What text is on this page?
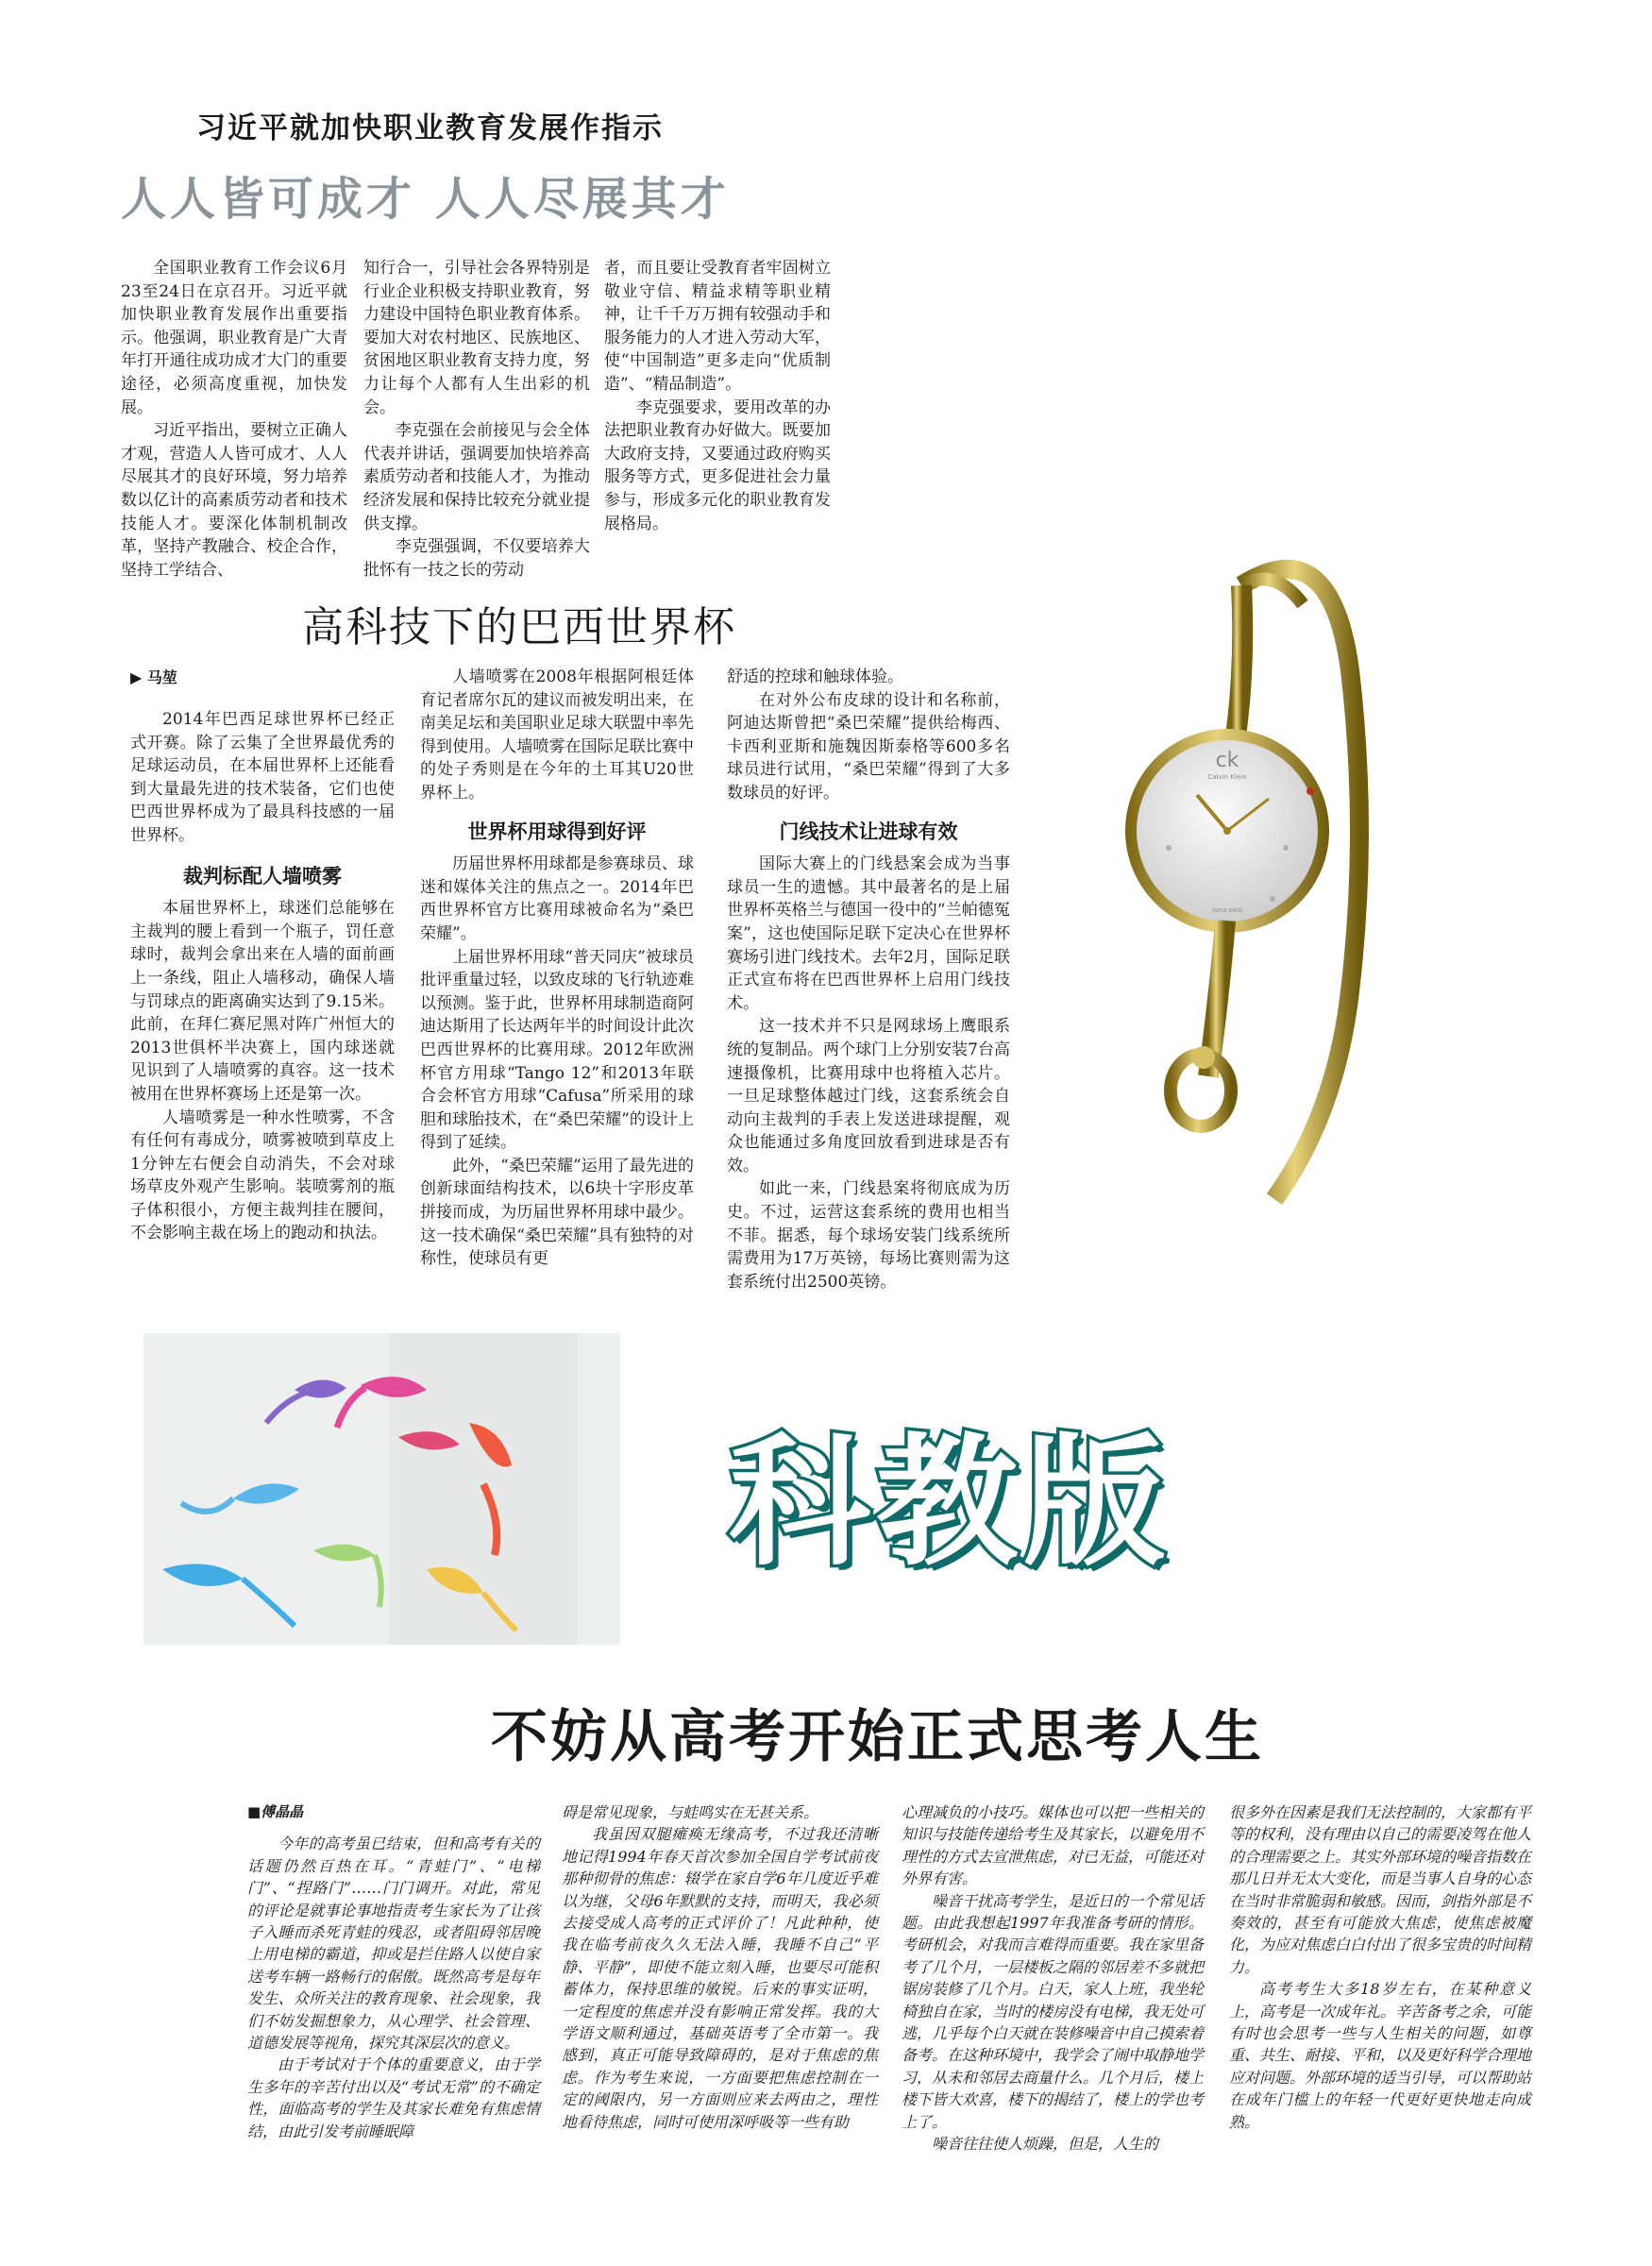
习近平就加快职业教育发展作指示
人人皆可成才 人人尽展其才

全国职业教育工作会议6月23至24日在京召开。习近平就加快职业教育发展作出重要指示。他强调，职业教育是广大青年打开通往成功成才大门的重要途径，必须高度重视，加快发展。

习近平指出，要树立正确人才观，营造人人皆可成才、人人尽展其才的良好环境，努力培养数以亿计的高素质劳动者和技术技能人才。要深化体制机制改革，坚持产教融合、校企合作，坚持工学结合、

知行合一，引导社会各界特别是行业企业积极支持职业教育，努力建设中国特色职业教育体系。要加大对农村地区、民族地区、贫困地区职业教育支持力度，努力让每个人都有人生出彩的机会。

李克强在会前接见与会全体代表并讲话，强调要加快培养高素质劳动者和技能人才，为推动经济发展和保持比较充分就业提供支撑。

李克强强调，不仅要培养大批怀有一技之长的劳动

者，而且要让受教育者牢固树立敬业守信、精益求精等职业精神，让千千万万拥有较强动手和服务能力的人才进入劳动大军，使“中国制造”更多走向“优质制造”、“精品制造”。

李克强要求，要用改革的办法把职业教育办好做大。既要加大政府支持，又要通过政府购买服务等方式，更多促进社会力量参与，形成多元化的职业教育发展格局。

高科技下的巴西世界杯
▶ 马堃

2014年巴西足球世界杯已经正式开赛。除了云集了全世界最优秀的足球运动员，在本届世界杯上还能看到大量最先进的技术装备，它们也使巴西世界杯成为了最具科技感的一届世界杯。

裁判标配人墙喷雾

本届世界杯上，球迷们总能够在主裁判的腰上看到一个瓶子，罚任意球时，裁判会拿出来在人墙的面前画上一条线，阻止人墙移动，确保人墙与罚球点的距离确实达到了9.15米。此前，在拜仁赛尼黑对阵广州恒大的2013世俱杯半决赛上，国内球迷就见识到了人墙喷雾的真容。这一技术被用在世界杯赛场上还是第一次。

人墙喷雾是一种水性喷雾，不含有任何有毒成分，喷雾被喷到草皮上1分钟左右便会自动消失，不会对球场草皮外观产生影响。装喷雾剂的瓶子体积很小，方便主裁判挂在腰间，不会影响主裁在场上的跑动和执法。

人墙喷雾在2008年根据阿根廷体育记者席尔瓦的建议而被发明出来，在南美足坛和美国职业足球大联盟中率先得到使用。人墙喷雾在国际足联比赛中的处子秀则是在今年的土耳其U20世界杯上。

世界杯用球得到好评

历届世界杯用球都是参赛球员、球迷和媒体关注的焦点之一。2014年巴西世界杯官方比赛用球被命名为“桑巴荣耀”。

上届世界杯用球“普天同庆”被球员批评重量过轻，以致皮球的飞行轨迹难以预测。鉴于此，世界杯用球制造商阿迪达斯用了长达两年半的时间设计此次巴西世界杯的比赛用球。2012年欧洲杯官方用球“Tango 12”和2013年联合会杯官方用球“Cafusa”所采用的球胆和球胎技术，在“桑巴荣耀”的设计上得到了延续。

此外，“桑巴荣耀”运用了最先进的创新球面结构技术，以6块十字形皮革拼接而成，为历届世界杯用球中最少。这一技术确保“桑巴荣耀”具有独特的对称性，使球员有更

舒适的控球和触球体验。

在对外公布皮球的设计和名称前，阿迪达斯曾把“桑巴荣耀”提供给梅西、卡西利亚斯和施魏因斯泰格等600多名球员进行试用，“桑巴荣耀”得到了大多数球员的好评。

门线技术让进球有效

国际大赛上的门线悬案会成为当事球员一生的遗憾。其中最著名的是上届世界杯英格兰与德国一役中的“兰帕德冤案”，这也使国际足联下定决心在世界杯赛场引进门线技术。去年2月，国际足联正式宣布将在巴西世界杯上启用门线技术。

这一技术并不只是网球场上鹰眼系统的复制品。两个球门上分别安装7台高速摄像机，比赛用球中也将植入芯片。一旦足球整体越过门线，这套系统会自动向主裁判的手表上发送进球提醒，观众也能通过多角度回放看到进球是否有效。

如此一来，门线悬案将彻底成为历史。不过，运营这套系统的费用也相当不菲。据悉，每个球场安装门线系统所需费用为17万英镑，每场比赛则需为这套系统付出2500英镑。

ck
Calvin Klein
SWISS MADE
科教版
不妨从高考开始正式思考人生

■傅晶晶

今年的高考虽已结束，但和高考有关的话题仍然百热在耳。“青蛙门”、“电梯门”、“捏路门”……门门调开。对此，常见的评论是就事论事地指责考生家长为了让孩子入睡而杀死青蛙的残忍，或者阻碍邻居晚上用电梯的霸道，抑或是拦住路人以使自家送考车辆一路畅行的倨傲。既然高考是每年发生、众所关注的教育现象、社会现象，我们不妨发掘想象力，从心理学、社会管理、道德发展等视角，探究其深层次的意义。

由于考试对于个体的重要意义，由于学生多年的辛苦付出以及“考试无常”的不确定性，面临高考的学生及其家长难免有焦虑情结，由此引发考前睡眠障

碍是常见现象，与蛙鸣实在无甚关系。

我虽因双腿瘫痪无缘高考，不过我还清晰地记得1994年春天首次参加全国自学考试前夜那种彻骨的焦虑：辍学在家自学6年几度近乎难以为继，父母6年默默的支持，而明天，我必须去接受成人高考的正式评价了！凡此种种，使我在临考前夜久久无法入睡，我睡不自己“平静、平静”，即使不能立刻入睡，也要尽可能积蓄体力，保持思维的敏锐。后来的事实证明，一定程度的焦虑并没有影响正常发挥。我的大学语文顺利通过，基础英语考了全市第一。我感到，真正可能导致障碍的，是对于焦虑的焦虑。作为考生来说，一方面要把焦虑控制在一定的阈限内，另一方面则应来去两由之，理性地看待焦虑，同时可使用深呼吸等一些有助

心理减负的小技巧。媒体也可以把一些相关的知识与技能传递给考生及其家长，以避免用不理性的方式去宣泄焦虑，对已无益，可能还对外界有害。

噪音干扰高考学生，是近日的一个常见话题。由此我想起1997年我准备考研的情形。考研机会，对我而言难得而重要。我在家里备考了几个月，一层楼板之隔的邻居差不多就把锯房装修了几个月。白天，家人上班，我坐轮椅独自在家，当时的楼房没有电梯，我无处可逃，几乎每个白天就在装修噪音中自己摸索着备考。在这种环境中，我学会了闹中取静地学习，从未和邻居去商量什么。几个月后，楼上楼下皆大欢喜，楼下的揭结了，楼上的学也考上了。

噪音往往使人烦躁，但是，人生的

很多外在因素是我们无法控制的，大家都有平等的权利，没有理由以自己的需要凌驾在他人的合理需要之上。其实外部环境的噪音指数在那几日并无太大变化，而是当事人自身的心态在当时非常脆弱和敏感。因而，剑指外部是不奏效的，甚至有可能放大焦虑，使焦虑被魔化，为应对焦虑白白付出了很多宝贵的时间精力。

高考考生大多18岁左右，在某种意义上，高考是一次成年礼。辛苦备考之余，可能有时也会思考一些与人生相关的问题，如尊重、共生、耐接、平和，以及更好科学合理地应对问题。外部环境的适当引导，可以帮助站在成年门槛上的年轻一代更好更快地走向成熟。
